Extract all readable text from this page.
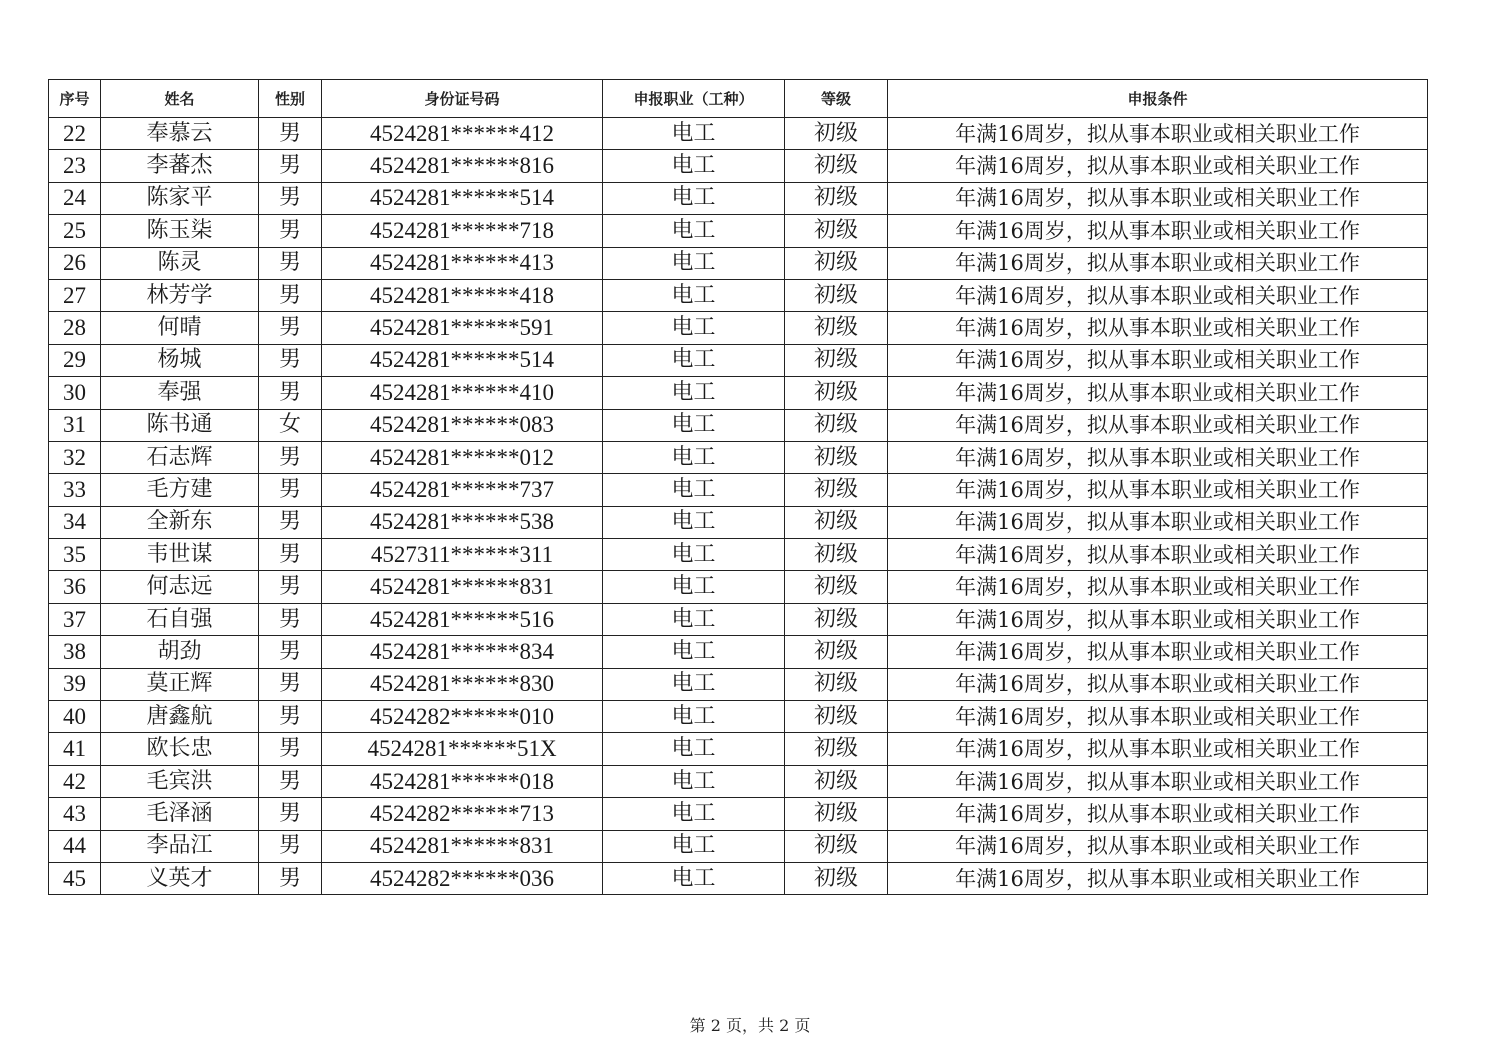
序号	姓名	性别	身份证号码	申报职业（工种）	等级	申报条件
22	奉慕云	男	4524281******412	电工	初级	年满16周岁，拟从事本职业或相关职业工作
23	李蕃杰	男	4524281******816	电工	初级	年满16周岁，拟从事本职业或相关职业工作
24	陈家平	男	4524281******514	电工	初级	年满16周岁，拟从事本职业或相关职业工作
25	陈玉柒	男	4524281******718	电工	初级	年满16周岁，拟从事本职业或相关职业工作
26	陈灵	男	4524281******413	电工	初级	年满16周岁，拟从事本职业或相关职业工作
27	林芳学	男	4524281******418	电工	初级	年满16周岁，拟从事本职业或相关职业工作
28	何晴	男	4524281******591	电工	初级	年满16周岁，拟从事本职业或相关职业工作
29	杨城	男	4524281******514	电工	初级	年满16周岁，拟从事本职业或相关职业工作
30	奉强	男	4524281******410	电工	初级	年满16周岁，拟从事本职业或相关职业工作
31	陈书通	女	4524281******083	电工	初级	年满16周岁，拟从事本职业或相关职业工作
32	石志辉	男	4524281******012	电工	初级	年满16周岁，拟从事本职业或相关职业工作
33	毛方建	男	4524281******737	电工	初级	年满16周岁，拟从事本职业或相关职业工作
34	全新东	男	4524281******538	电工	初级	年满16周岁，拟从事本职业或相关职业工作
35	韦世谋	男	4527311******311	电工	初级	年满16周岁，拟从事本职业或相关职业工作
36	何志远	男	4524281******831	电工	初级	年满16周岁，拟从事本职业或相关职业工作
37	石自强	男	4524281******516	电工	初级	年满16周岁，拟从事本职业或相关职业工作
38	胡劲	男	4524281******834	电工	初级	年满16周岁，拟从事本职业或相关职业工作
39	莫正辉	男	4524281******830	电工	初级	年满16周岁，拟从事本职业或相关职业工作
40	唐鑫航	男	4524282******010	电工	初级	年满16周岁，拟从事本职业或相关职业工作
41	欧长忠	男	4524281******51X	电工	初级	年满16周岁，拟从事本职业或相关职业工作
42	毛宾洪	男	4524281******018	电工	初级	年满16周岁，拟从事本职业或相关职业工作
43	毛泽涵	男	4524282******713	电工	初级	年满16周岁，拟从事本职业或相关职业工作
44	李品江	男	4524281******831	电工	初级	年满16周岁，拟从事本职业或相关职业工作
45	义英才	男	4524282******036	电工	初级	年满16周岁，拟从事本职业或相关职业工作
第 2 页，共 2 页
